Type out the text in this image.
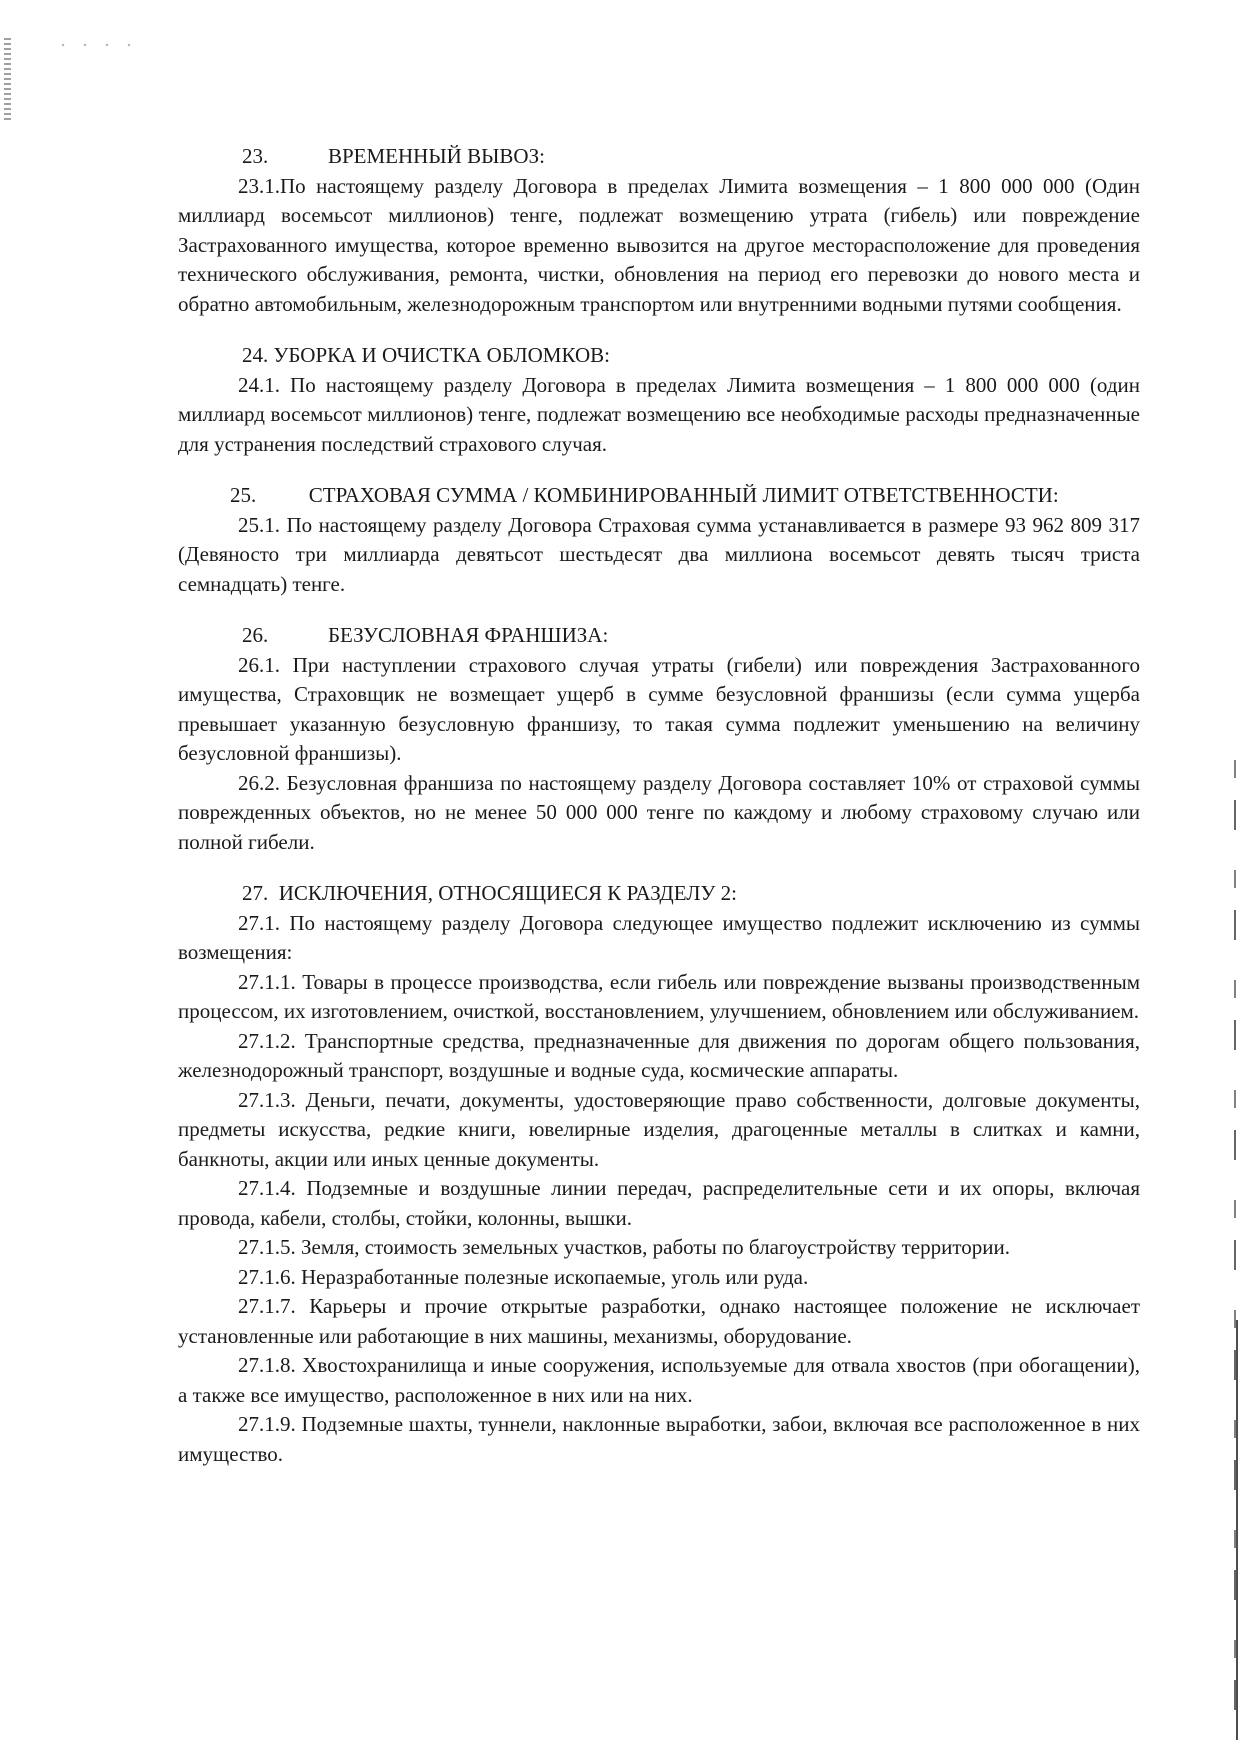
23.	ВРЕМЕННЫЙ ВЫВОЗ:

23.1.По настоящему разделу Договора в пределах Лимита возмещения – 1 800 000 000 (Один миллиард восемьсот миллионов) тенге, подлежат возмещению утрата (гибель) или повреждение Застрахованного имущества, которое временно вывозится на другое месторасположение для проведения технического обслуживания, ремонта, чистки, обновления на период его перевозки до нового места и обратно автомобильным, железнодорожным транспортом или внутренними водными путями сообщения.

24. УБОРКА И ОЧИСТКА ОБЛОМКОВ:

24.1. По настоящему разделу Договора в пределах Лимита возмещения – 1 800 000 000 (один миллиард восемьсот миллионов) тенге, подлежат возмещению все необходимые расходы предназначенные для устранения последствий страхового случая.

25.	СТРАХОВАЯ СУММА / КОМБИНИРОВАННЫЙ ЛИМИТ ОТВЕТСТВЕННОСТИ:

25.1. По настоящему разделу Договора Страховая сумма устанавливается в размере 93 962 809 317 (Девяносто три миллиарда девятьсот шестьдесят два миллиона восемьсот девять тысяч триста семнадцать) тенге.

26.	БЕЗУСЛОВНАЯ ФРАНШИЗА:

26.1. При наступлении страхового случая утраты (гибели) или повреждения Застрахованного имущества, Страховщик не возмещает ущерб в сумме безусловной франшизы (если сумма ущерба превышает указанную безусловную франшизу, то такая сумма подлежит уменьшению на величину безусловной франшизы).

26.2. Безусловная франшиза по настоящему разделу Договора составляет 10% от страховой суммы поврежденных объектов, но не менее 50 000 000 тенге по каждому и любому страховому случаю или полной гибели.

27. ИСКЛЮЧЕНИЯ, ОТНОСЯЩИЕСЯ К РАЗДЕЛУ 2:

27.1. По настоящему разделу Договора следующее имущество подлежит исключению из суммы возмещения:

27.1.1. Товары в процессе производства, если гибель или повреждение вызваны производственным процессом, их изготовлением, очисткой, восстановлением, улучшением, обновлением или обслуживанием.

27.1.2. Транспортные средства, предназначенные для движения по дорогам общего пользования, железнодорожный транспорт, воздушные и водные суда, космические аппараты.

27.1.3. Деньги, печати, документы, удостоверяющие право собственности, долговые документы, предметы искусства, редкие книги, ювелирные изделия, драгоценные металлы в слитках и камни, банкноты, акции или иных ценные документы.

27.1.4. Подземные и воздушные линии передач, распределительные сети и их опоры, включая провода, кабели, столбы, стойки, колонны, вышки.

27.1.5. Земля, стоимость земельных участков, работы по благоустройству территории.

27.1.6. Неразработанные полезные ископаемые, уголь или руда.

27.1.7. Карьеры и прочие открытые разработки, однако настоящее положение не исключает установленные или работающие в них машины, механизмы, оборудование.

27.1.8. Хвостохранилища и иные сооружения, используемые для отвала хвостов (при обогащении), а также все имущество, расположенное в них или на них.

27.1.9. Подземные шахты, туннели, наклонные выработки, забои, включая все расположенное в них имущество.
